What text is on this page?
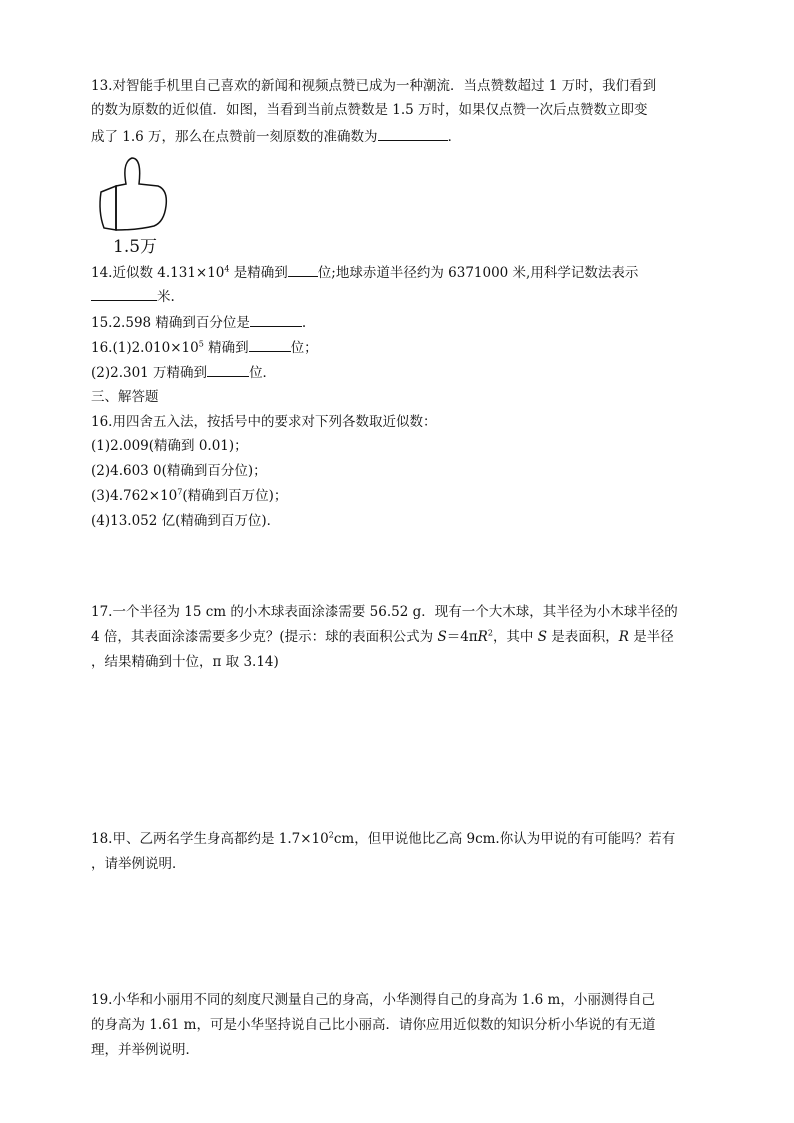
13.对智能手机里自己喜欢的新闻和视频点赞已成为一种潮流．当点赞数超过 1 万时，我们看到
的数为原数的近似值．如图，当看到当前点赞数是 1.5 万时，如果仅点赞一次后点赞数立即变
成了 1.6 万，那么在点赞前一刻原数的准确数为	．
1.5万
14.近似数 $4.131\times 10^4$ 是精确到 位;地球赤道半径约为 6371000 米,用科学记数法表示
米.
15.2.598 精确到百分位是	.
$16.(1)2.010\times 10^5$ 精确到	位；
(2)2.301 万精确到	位．
三、解答题
16.用四舍五入法，按括号中的要求对下列各数取近似数：
(1)2.009(精确到 0.01)；
(2)4.603 0(精确到百分位)；
$(3)4.762\times 10^7$(精确到百万位)；
(4)13.052 亿(精确到百万位)．
17.一个半径为 15 cm 的小木球表面涂漆需要 56.52 g．现有一个大木球，其半径为小木球半径的
4 倍，其表面涂漆需要多少克？(提示：球的表面积公式为 $S=4\pi R^2$，其中 S 是表面积，R 是半径
，结果精确到十位，π 取 3.14)
18.甲、乙两名学生身高都约是 $1.7\times 10^2cm$，但甲说他比乙高 9cm.你认为甲说的有可能吗？若有
，请举例说明．
19.小华和小丽用不同的刻度尺测量自己的身高，小华测得自己的身高为 1.6 m，小丽测得自己
的身高为 1.61 m，可是小华坚持说自己比小丽高．请你应用近似数的知识分析小华说的有无道
理，并举例说明．
